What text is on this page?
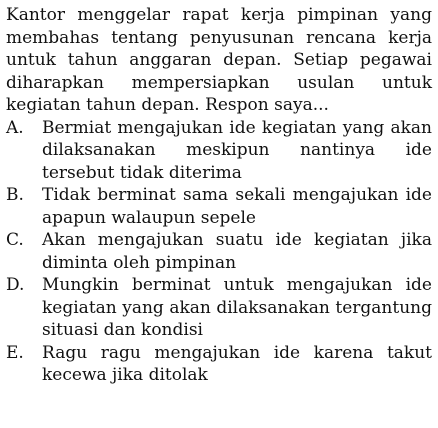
Kantor menggelar rapat kerja pimpinan yang membahas tentang penyusunan rencana kerja untuk tahun anggaran depan. Setiap pegawai diharapkan mempersiapkan usulan untuk kegiatan tahun depan. Respon saya...

A.	Bermiat mengajukan ide kegiatan yang akan dilaksanakan meskipun nantinya ide tersebut tidak diterima
B.	Tidak berminat sama sekali mengajukan ide apapun walaupun sepele
C.	Akan mengajukan suatu ide kegiatan jika diminta oleh pimpinan
D.	Mungkin berminat untuk mengajukan ide kegiatan yang akan dilaksanakan tergantung situasi dan kondisi
E.	Ragu ragu mengajukan ide karena takut kecewa jika ditolak
